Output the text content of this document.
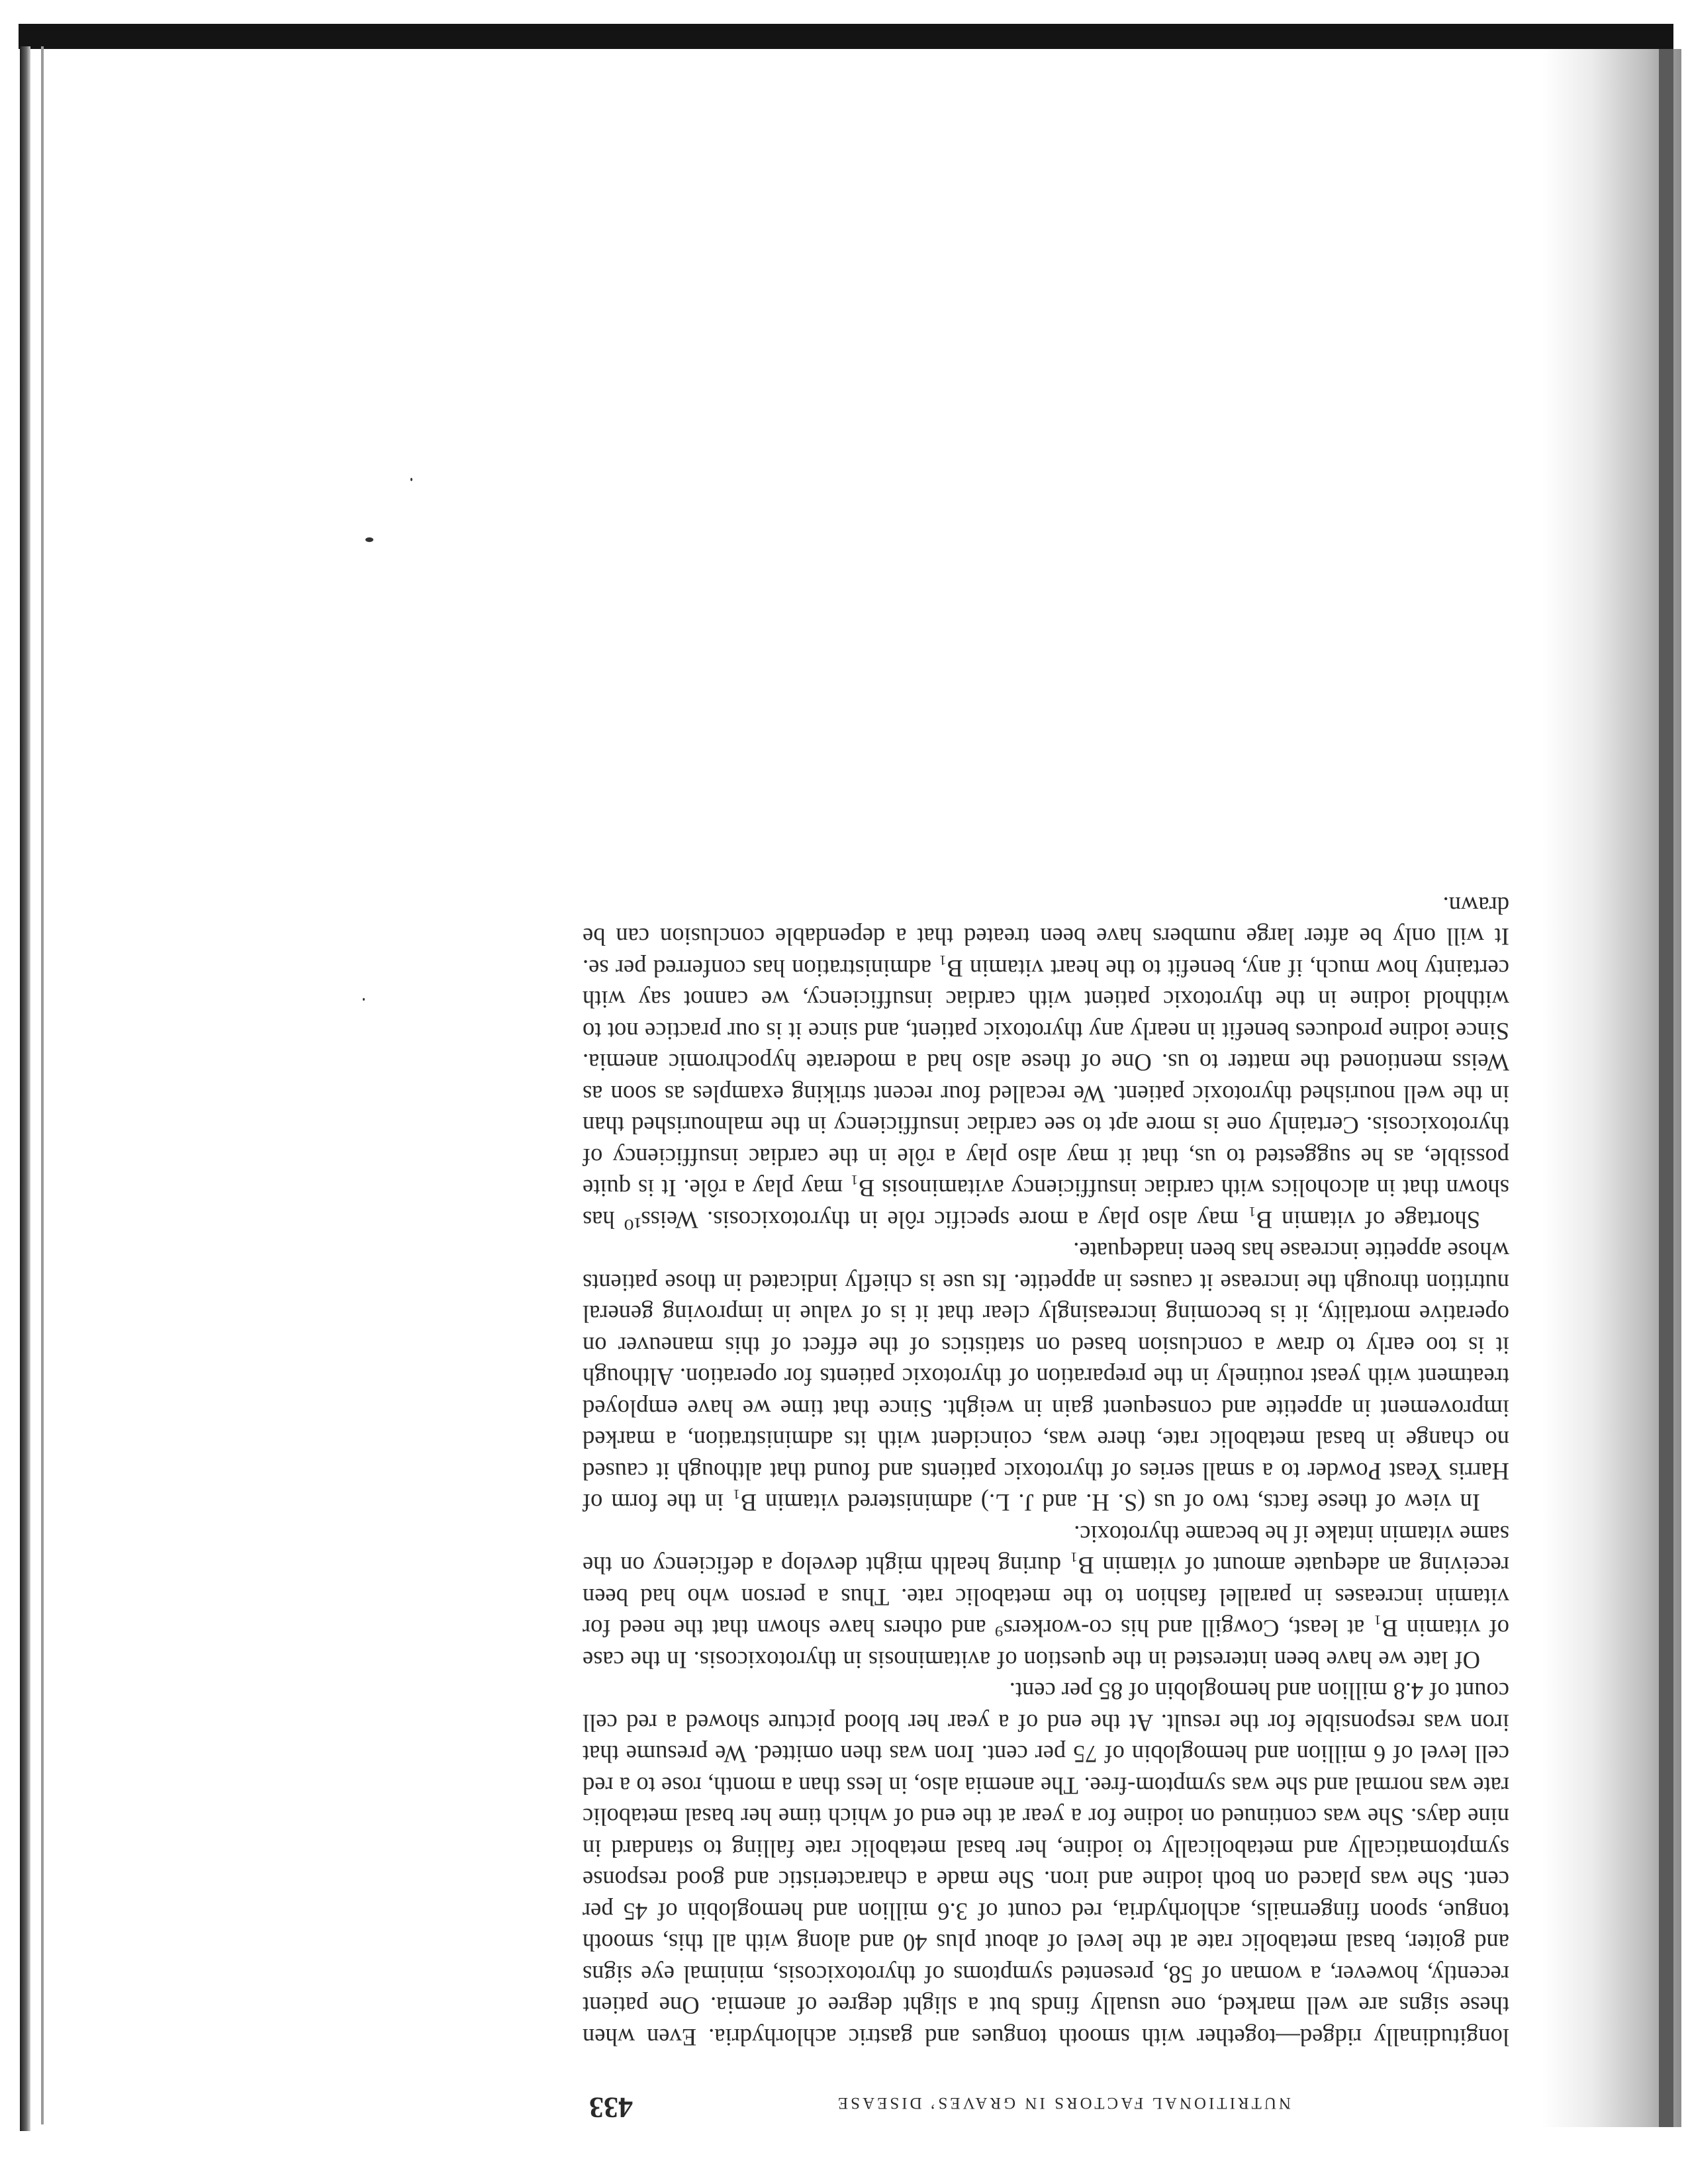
NUTRITIONAL FACTORS IN GRAVES’ DISEASE
433

longitudinally ridged—together with smooth tongues and gastric achlorhydria. Even when these signs are well marked, one usually finds but a slight degree of anemia. One patient recently, however, a woman of 58, presented symptoms of thyrotoxicosis, minimal eye signs and goiter, basal metabolic rate at the level of about plus 40 and along with all this, smooth tongue, spoon fingernails, achlorhydria, red count of 3.6 million and hemoglobin of 45 per cent. She was placed on both iodine and iron. She made a characteristic and good response symptomatically and metabolically to iodine, her basal metabolic rate falling to standard in nine days. She was continued on iodine for a year at the end of which time her basal metabolic rate was normal and she was symptom-free. The anemia also, in less than a month, rose to a red cell level of 6 million and hemoglobin of 75 per cent. Iron was then omitted. We presume that iron was responsible for the result. At the end of a year her blood picture showed a red cell count of 4.8 million and hemoglobin of 85 per cent.

Of late we have been interested in the question of avitaminosis in thyrotoxicosis. In the case of vitamin B₁ at least, Cowgill and his co-workers⁹ and others have shown that the need for vitamin increases in parallel fashion to the metabolic rate. Thus a person who had been receiving an adequate amount of vitamin B₁ during health might develop a deficiency on the same vitamin intake if he became thyrotoxic.

In view of these facts, two of us (S. H. and J. L.) administered vitamin B₁ in the form of Harris Yeast Powder to a small series of thyrotoxic patients and found that although it caused no change in basal metabolic rate, there was, coincident with its administration, a marked improvement in appetite and consequent gain in weight. Since that time we have employed treatment with yeast routinely in the preparation of thyrotoxic patients for operation. Although it is too early to draw a conclusion based on statistics of the effect of this maneuver on operative mortality, it is becoming increasingly clear that it is of value in improving general nutrition through the increase it causes in appetite. Its use is chiefly indicated in those patients whose appetite increase has been inadequate.

Shortage of vitamin B₁ may also play a more specific rôle in thyrotoxicosis. Weiss¹⁰ has shown that in alcoholics with cardiac insufficiency avitaminosis B₁ may play a rôle. It is quite possible, as he suggested to us, that it may also play a rôle in the cardiac insufficiency of thyrotoxicosis. Certainly one is more apt to see cardiac insufficiency in the malnourished than in the well nourished thyrotoxic patient. We recalled four recent striking examples as soon as Weiss mentioned the matter to us. One of these also had a moderate hypochromic anemia. Since iodine produces benefit in nearly any thyrotoxic patient, and since it is our practice not to withhold iodine in the thyrotoxic patient with cardiac insufficiency, we cannot say with certainty how much, if any, benefit to the heart vitamin B₁ administration has conferred per se. It will only be after large numbers have been treated that a dependable conclusion can be drawn.
